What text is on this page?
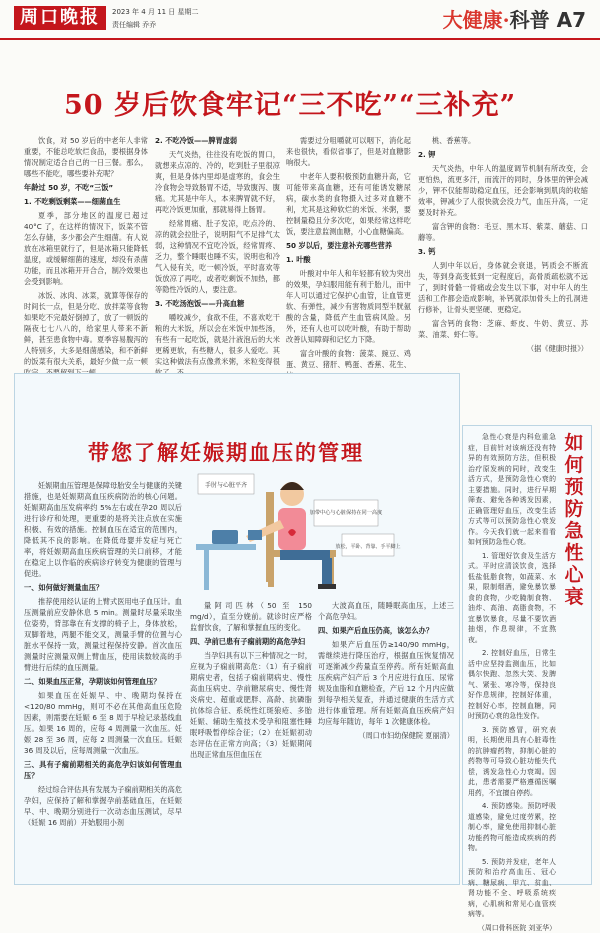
周口晚报	2023 年 4 月 11 日 星期二
责任编辑 乔乔	大健康·科普 A7
50 岁后饮食牢记“三不吃”“三补充”

饮食，对 50 岁后的中老年人非常重要，不能总吃软烂食品，要根据身体情况制定适合自己的一日三餐。那么，哪些不能吃，哪些要补充呢？

年龄过 50 岁，不吃“三饭”

1. 不吃剩饭剩菜——细菌血生

夏季，部分地区的温度已超过 40°C 了，在这样的情况下，饭菜不管怎么存储，多少都会产生细菌。有人说放在冰箱里就行了，但是冰箱只能降低温度，或缓解细菌的速度，却没有杀菌功能，而且冰箱开开合合，制冷效果也会受到影响。

冰饭、冰肉、冰菜，就算等保存的时间长一点，但是分吃、放拌菜等食物如果吃不完最好倒掉了，放了一顿饭的隔夜七七八八的，给家里人带来不新鲜，甚至患食物中毒。夏季容易腹泻的人特别多，大多是细菌感染，和不新鲜的饭菜有很大关系，最好少做一点一顿

2. 不吃冷饭——脾胃虚弱

天气炎热，往往没有吃饭的胃口，就想来点凉的、冷的，吃到肚子里很凉爽，但是身体内里却是虚寒的，食会生冷食物会导致肠胃不适，导致腹泻、腹痛。尤其是中年人，本来脾胃就不好，再吃冷饭更加重，那就易得上肠胃。

经常胃痛、肚子发凉，吃点冷的、凉的就会拉肚子，说明阳气不足排气太弱，这种情况不宜吃冷饭，经常胃疼、乏力，整个睡眠也睡不实，说明也和冷气入侵有关，吃一顿冷饭，平时喜欢等饭放凉了再吃，或者吃剩饭不加热，都等隐性冷饭的人，要注意。

3. 不吃汤泡饭——升高血糖

嚼咬减少，食欲不佳，不喜欢吃干粮的大米饭，所以会在米饭中加些汤，有些有一起吃饭，就是汁液泡后的大米更稀更软，有些糖人，很多人爱吃。其实这种做法有点像煮米粥，米粒变得很

需要过分咀嚼就可以咽下，消化起来也很快，看似省事了，但是对血糖影响很大。

中老年人要积极预防血糖升高，它可能带来高血糖，还有可能诱发糖尿病，碳水类的食物摄入过多对血糖不利，尤其是这种软烂的米饭、米粥，要控制量稳且分多次吃，如果经常这样吃饭，要注意监测血糖，小心血糖偏高。

50 岁以后，要注意补充哪些营养

1. 叶酸

叶酸对中年人和年轻都有较为突出的效果，孕妇服用能有利于胎儿，而中年人可以通过它保护心血管，让血管更软、有弹性，减少有害物质同型半胱氨酸的含量，降低产生血管病风险。另外，还有人也可以吃叶酸，有助于帮助改善认知障碍和记忆力下降。

富含叶酸的食物：菠菜、豌豆、鸡蛋、黄豆、猪肝、鸭蛋、香蕉、花生、

桃、香蕉等。

2. 钾

天气炎热，中年人的温度调节机制有所改变，会更怕热，流更多汗，而流汗的同时，身体里的钾会减少，钾不仅能帮助稳定血压，还会影响到肌肉的收缩效率，钾减少了人很快就会没力气，血压升高，一定要及时补充。

富含钾的食物：毛豆、黑木耳、紫菜、蘑菇、口蘑等。

3. 钙

人到中年以后，身体就会衰退，钙质会不断流失，等到身高变低到一定程度后，高骨质疏松就不远了，到时骨骼一骨痛或会发生以下事，对中年人的生活和工作都会造成影响，补钙就添加骨头上的孔洞进行修补，让骨头更坚硬、更稳定。

富含钙的食物：芝麻、虾皮、牛奶、黄豆、苏菜、油菜、虾仁等。

（据《健康时报》）

带您了解妊娠期血压的管理
手肘与心脏平齐
加带中心与心脏保持在同一高度
放松，平卧、背靠、手平脚上

妊娠期血压管理是保障母胎安全与健康的关键措施，也是妊娠期高血压疾病防治的核心问题。妊娠期高血压发病率约 5%左右或在孕20 周以后进行诊疗和处理，更重要的是将关注点放在实施积极、有效的措施。控制血压在适宜的范围内，降低其不良的影响。在降低母婴并发症与死亡率，将妊娠期高血压疾病管理的关口前移，才能在稳定上以作临的疾病诊疗转变为健康的管理与促进。

一、如何做好测量血压？

推荐使用经认证的上臂式医用电子血压计。血压测量前应安静休息 5 min。测量时尽量采取坐位姿势，背部靠在有支撑的椅子上，身体放松，双脚着地，两腿不能交叉，测量手臂的位置与心脏水平保持一致，测量过程保持安静。首次血压测量时应测量双侧上臂血压，使用读数较高的手臂进行后续的血压测量。

二、如果血压正常，孕期该如何管理血压？

如果血压在妊娠早、中、晚期均保持在<120/80 mmHg，则可不必在其他高血压危险因素，则需要在妊娠 6 至 8 周于早检记录基线血压。如果 16 周的，应每 4 周测量一次血压。妊娠 28 至 36 周，应每 2 周测量一次血压。妊娠 36 周及以后，应每周测量一次血压。

三、具有子痫前期相关的高危孕妇该如何管理血压？

经过综合评估具有发展为子痫前期相关的高危孕妇，应保持了解和掌握孕前基础血压，在妊娠早、中、晚期分别进行一次动态血压测试，尽早（妊娠 16 周前）开始服用小剂

量阿司匹林（50 至 150 mg/d），直至分娩前。就诊时应严格监督饮食，了解和掌握血压的变化。

四、孕前已患有子痫前期的高危孕妇

当孕妇具有以下三种情况之一时，应视为子痫前期高危：（1）有子痫前期病史者，包括子痫前期病史、慢性高血压病史、孕前糖尿病史、慢性肾炎病史、超重或肥胖、高龄、抗磷脂抗体综合征、系统性红斑狼疮、多胎妊娠、辅助生殖技术受孕和阻塞性睡眠呼吸暂停综合征；（2）在妊娠初动态评估在正常方向高；（3）妊娠期间出现正常血压但血压在

大波高血压，随睡眠高血压，上述三个高危孕妇。

四、如果产后血压仍高，该怎么办？

如果产后血压仍≥140/90 mmHg，需继续进行降压治疗，根据血压恢复情况可逐渐减少药量直至停药。所有妊娠高血压疾病产妇产后 3 个月应进行血压、尿常规及血脂和血糖检查，产后 12 个月内应做到每孕相关复查，并通过健康的生活方式进行体重管理。所有妊娠高血压疾病产妇均应每年随访，每年 1 次健康体检。

（周口市妇幼保健院 夏丽清）

如何预防急性心衰

急性心衰是内科危重急症，目前针对该病还没有特异的有效预防方法，但积极治疗原发病的同时，改变生活方式，是预防急性心衰的主要措施。同时，进行早期筛查、避免各种诱发因素，正确管理好血压，改变生活方式等可以预防急性心衰发作。今天我们就一起来看看如何预防急性心衰。

1. 管理好饮食及生活方式。平时应清淡饮食，选择低盐低脂食物，如蔬菜、水果，限制烟酒，避免暴饮暴食的食物，少吃腌制食物、油炸、高油、高脂食物，不宜暴饮暴食，尽量不要饮酒抽烟，作息规律，不宜熬夜。

2. 控制好血压，日常生活中应坚持监测血压，比如偶尔快跑、忽然大笑、发脾气、紧张、寒冷等，保持良好作息规律，控制好体重，控制好心率，控制血糖，同时预防心衰的急性发作。

3. 预防感冒，研究表明，长期使用具有心脏毒性的抗肿瘤药物，抑制心脏的药物等可导致心脏功能失代偿，诱发急性心力衰竭。因此，患者需要严格遵循医嘱用药，不宜擅自停药。

4. 预防感染。预防呼吸道感染，避免过度劳累，控制心率，避免使用抑制心脏功能药物可能造成疾病的药物。

5. 预防并发症，老年人预防和治疗高血压、冠心病、糖尿病、甲亢、贫血、肾功能不全、呼吸系统疾病，心肌病和常见心血管疾病等。

（周口骨科医院 刘亚华）
